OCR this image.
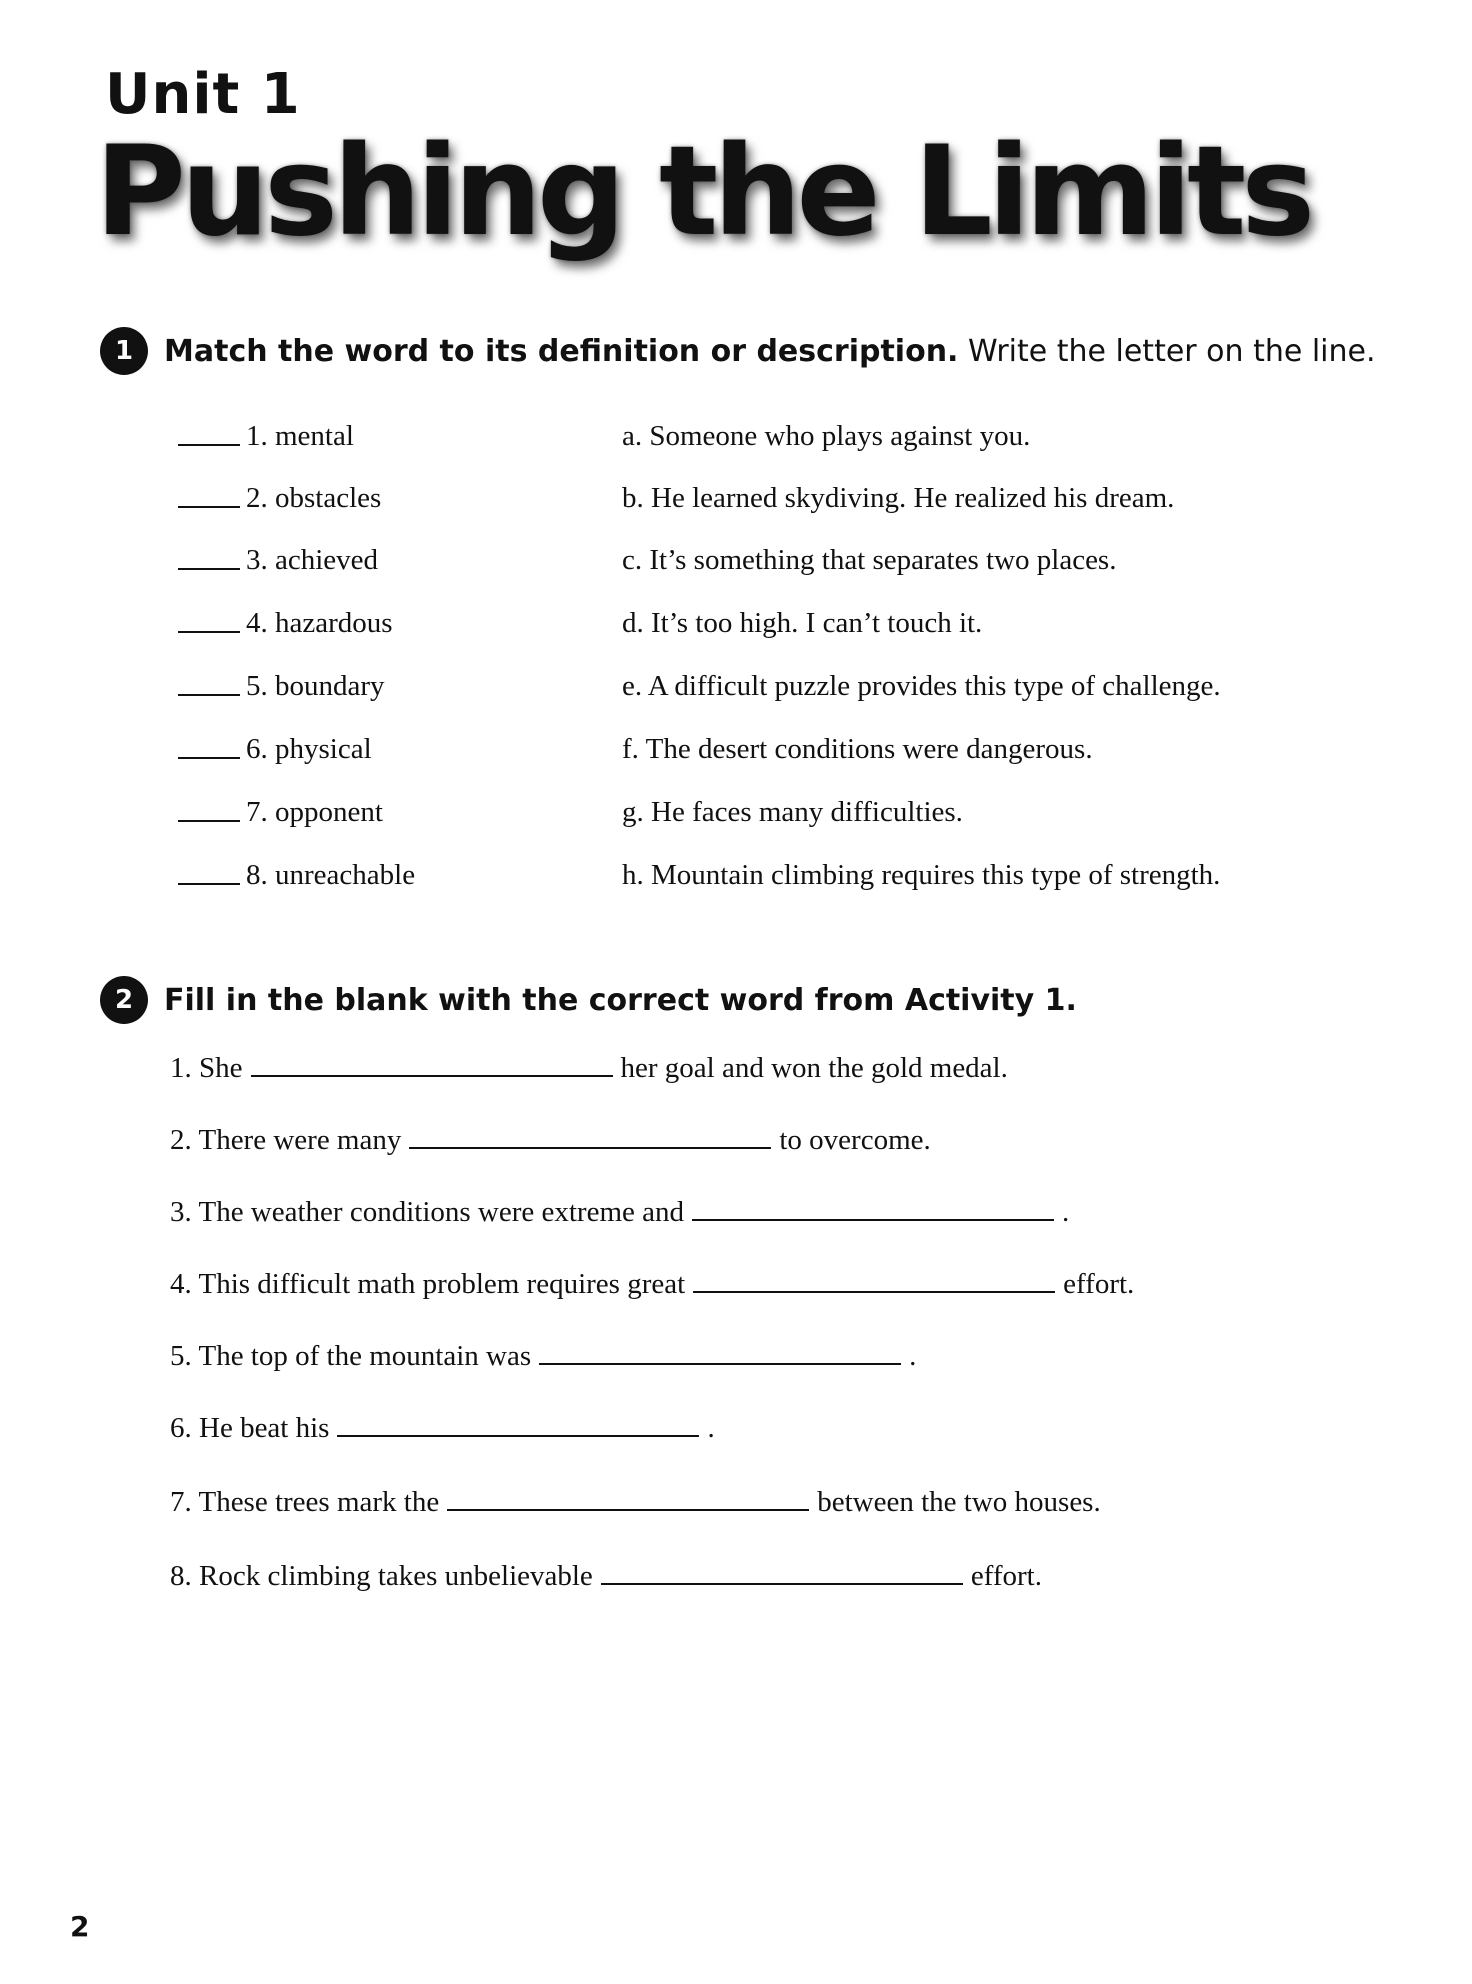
Unit 1
Pushing the Limits
1	Match the word to its definition or description. Write the letter on the line.
1. mental	a. Someone who plays against you.
2. obstacles	b. He learned skydiving. He realized his dream.
3. achieved	c. It’s something that separates two places.
4. hazardous	d. It’s too high. I can’t touch it.
5. boundary	e. A difficult puzzle provides this type of challenge.
6. physical	f. The desert conditions were dangerous.
7. opponent	g. He faces many difficulties.
8. unreachable	h. Mountain climbing requires this type of strength.
2	Fill in the blank with the correct word from Activity 1.
1. She	her goal and won the gold medal.
2. There were many	to overcome.
3. The weather conditions were extreme and	.
4. This difficult math problem requires great	effort.
5. The top of the mountain was	.
6. He beat his	.
7. These trees mark the	between the two houses.
8. Rock climbing takes unbelievable	effort.
2
